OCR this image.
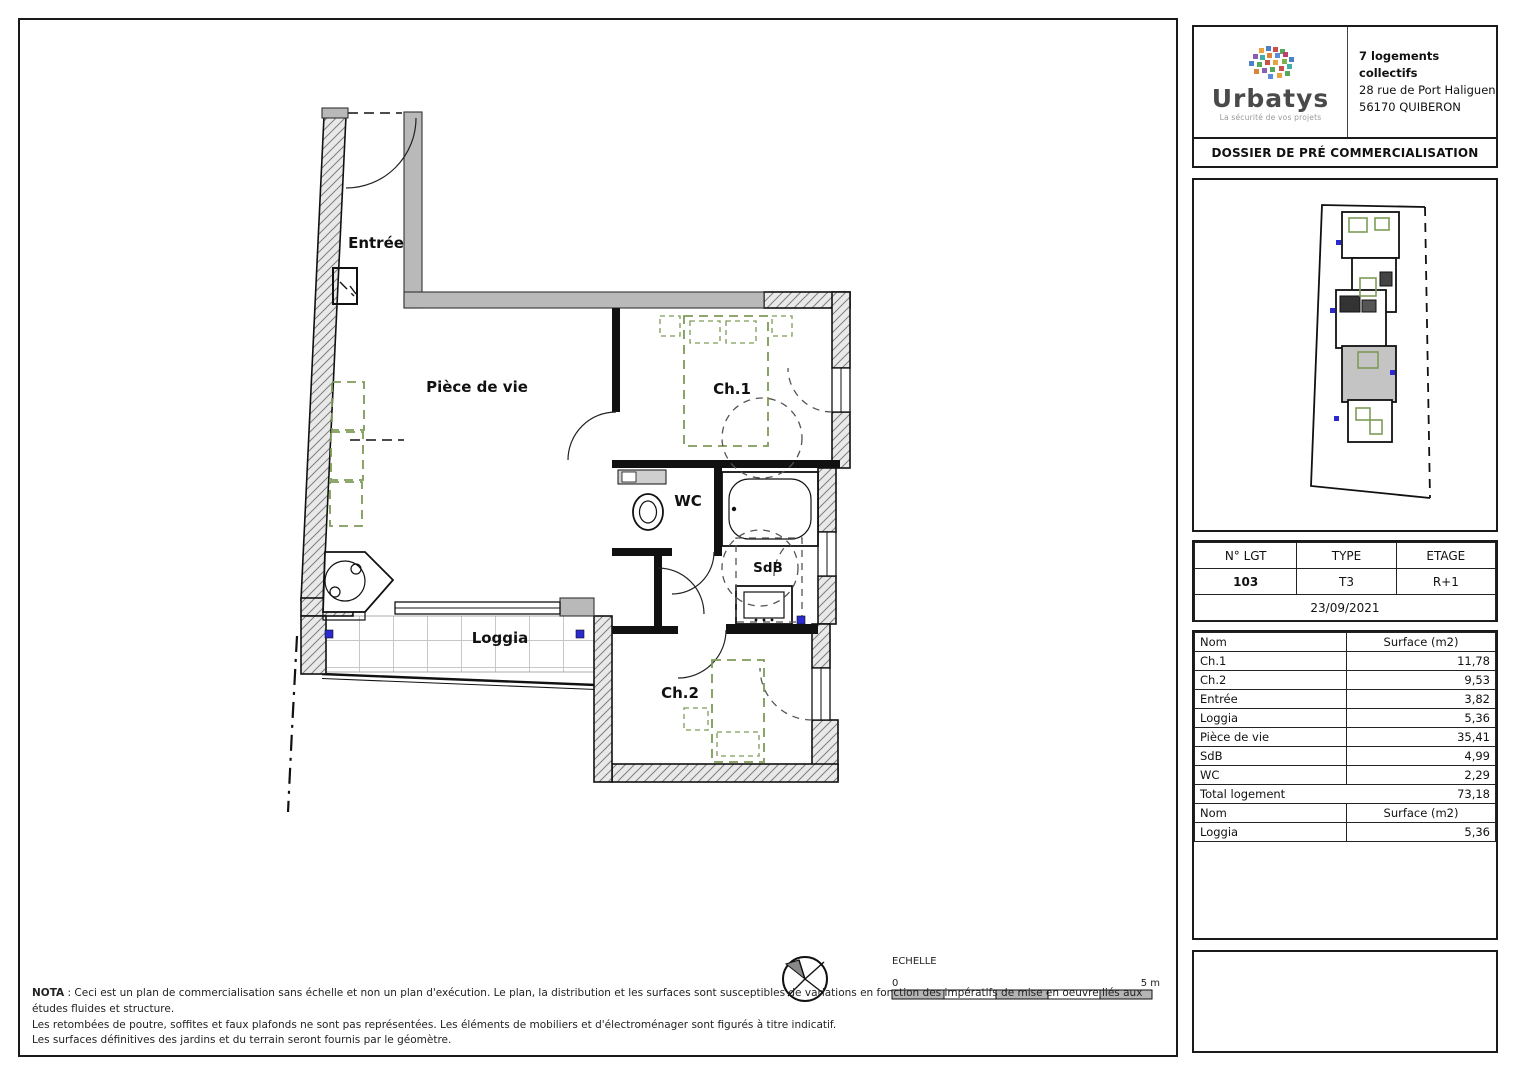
Entrée
Pièce de vie	Ch.1
WC
SdB
Loggia
Ch.2
ECHELLE
0	5 m
NOTA : Ceci est un plan de commercialisation sans échelle et non un plan d'exécution. Le plan, la distribution et les surfaces sont susceptibles de variations en fonction des impératifs de mise en oeuvre liés aux études fluides et structure.
Les retombées de poutre, soffites et faux plafonds ne sont pas représentées. Les éléments de mobiliers et d'électroménager sont figurés à titre indicatif.
Les surfaces définitives des jardins et du terrain seront fournis par le géomètre.
Urbatys
La sécurité de vos projets
7 logements collectifs
28 rue de Port Haliguen
56170 QUIBERON
DOSSIER DE PRÉ COMMERCIALISATION
N° LGT	TYPE	ETAGE
103	T3	R+1
23/09/2021		
Nom	Surface (m2)
Ch.1	11,78
Ch.2	9,53
Entrée	3,82
Loggia	5,36
Pièce de vie	35,41
SdB	4,99
WC	2,29
Total logement	73,18
Nom	Surface (m2)
Loggia	5,36
